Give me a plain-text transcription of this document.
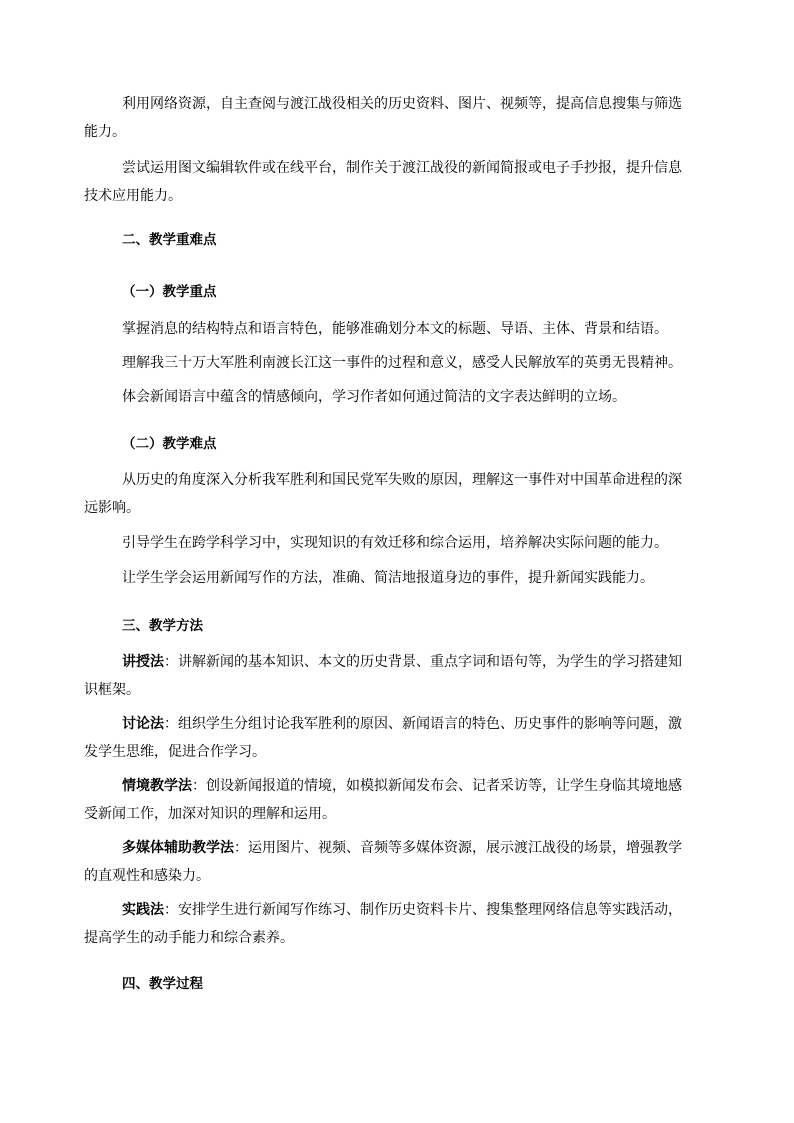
利用网络资源，自主查阅与渡江战役相关的历史资料、图片、视频等，提高信息搜集与筛选
能力。

尝试运用图文编辑软件或在线平台，制作关于渡江战役的新闻简报或电子手抄报，提升信息
技术应用能力。

二、教学重难点

（一）教学重点

掌握消息的结构特点和语言特色，能够准确划分本文的标题、导语、主体、背景和结语。

理解我三十万大军胜利南渡长江这一事件的过程和意义，感受人民解放军的英勇无畏精神。

体会新闻语言中蕴含的情感倾向，学习作者如何通过简洁的文字表达鲜明的立场。

（二）教学难点

从历史的角度深入分析我军胜利和国民党军失败的原因，理解这一事件对中国革命进程的深
远影响。

引导学生在跨学科学习中，实现知识的有效迁移和综合运用，培养解决实际问题的能力。

让学生学会运用新闻写作的方法，准确、简洁地报道身边的事件，提升新闻实践能力。

三、教学方法

讲授法：讲解新闻的基本知识、本文的历史背景、重点字词和语句等，为学生的学习搭建知
识框架。

讨论法：组织学生分组讨论我军胜利的原因、新闻语言的特色、历史事件的影响等问题，激
发学生思维，促进合作学习。

情境教学法：创设新闻报道的情境，如模拟新闻发布会、记者采访等，让学生身临其境地感
受新闻工作，加深对知识的理解和运用。

多媒体辅助教学法：运用图片、视频、音频等多媒体资源，展示渡江战役的场景，增强教学
的直观性和感染力。

实践法：安排学生进行新闻写作练习、制作历史资料卡片、搜集整理网络信息等实践活动，
提高学生的动手能力和综合素养。

四、教学过程
